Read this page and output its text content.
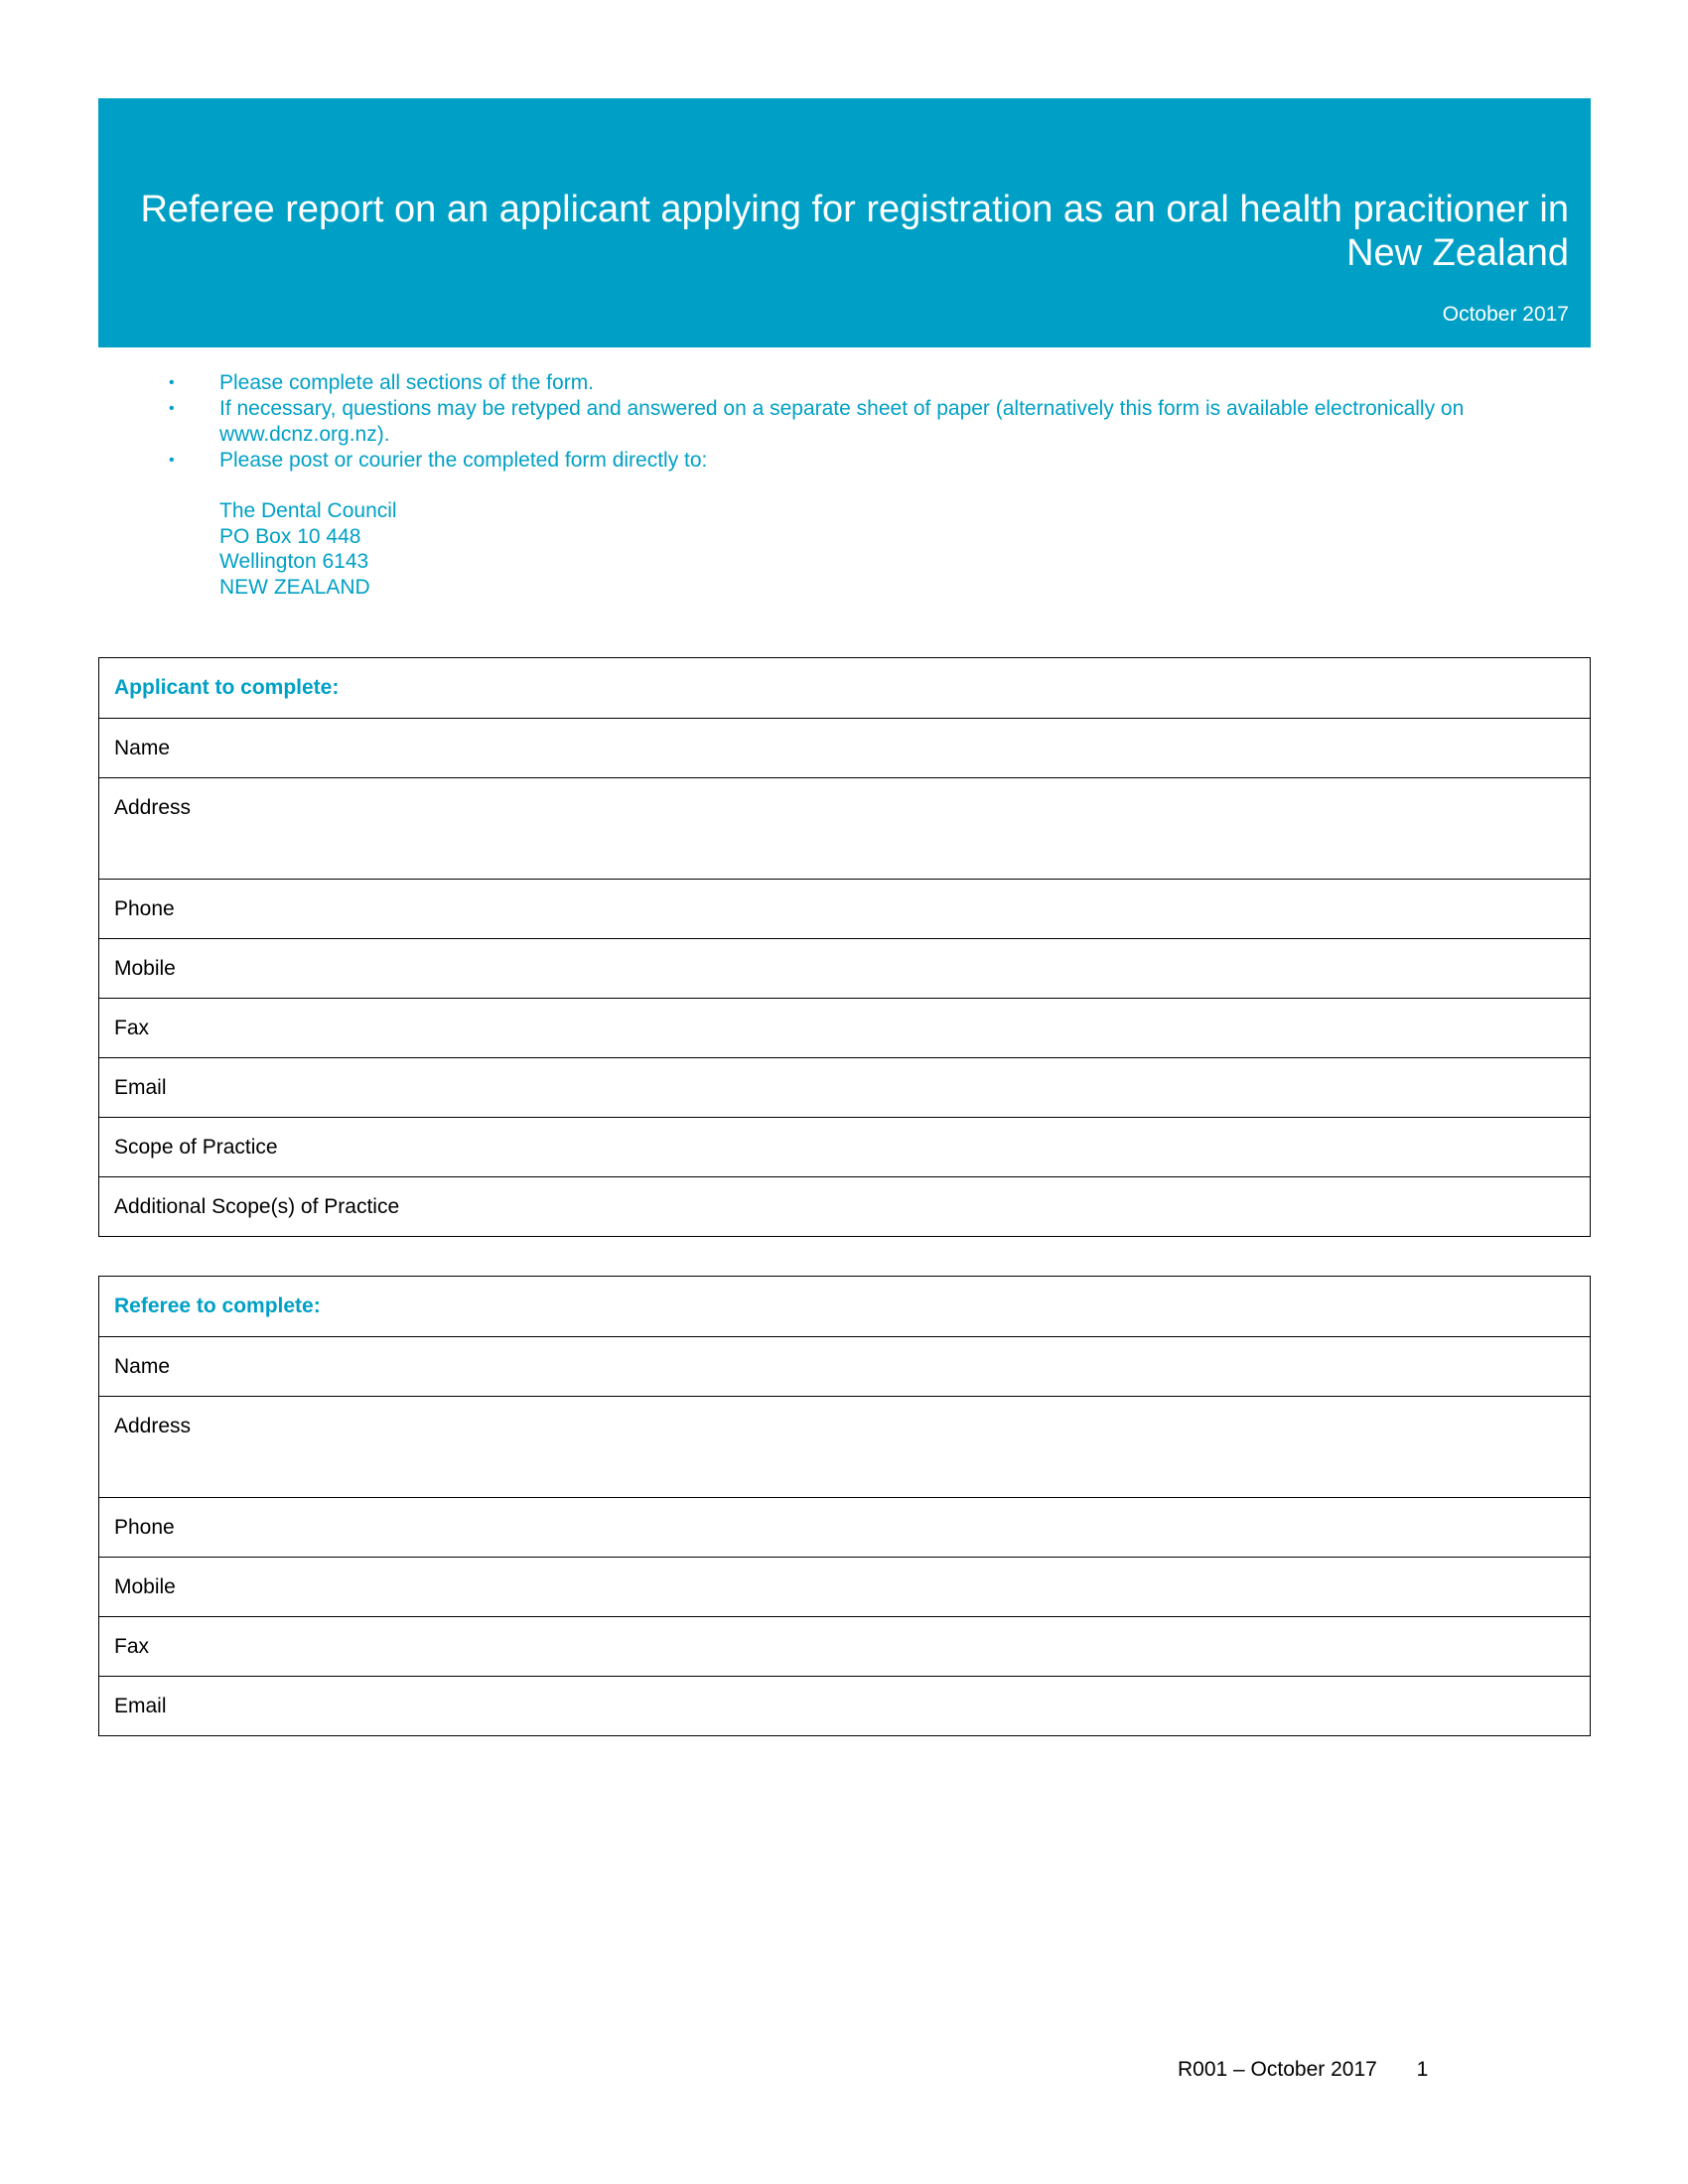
Referee report on an applicant applying for registration as an oral health pracitioner in New Zealand
October 2017
• Please complete all sections of the form.
• If necessary, questions may be retyped and answered on a separate sheet of paper (alternatively this form is available electronically on www.dcnz.org.nz).
• Please post or courier the completed form directly to:
The Dental Council
PO Box 10 448
Wellington 6143
NEW ZEALAND
Applicant to complete:
Name
Address
Phone
Mobile
Fax
Email
Scope of Practice
Additional Scope(s) of Practice
Referee to complete:
Name
Address
Phone
Mobile
Fax
Email
R001 – October 2017 1
